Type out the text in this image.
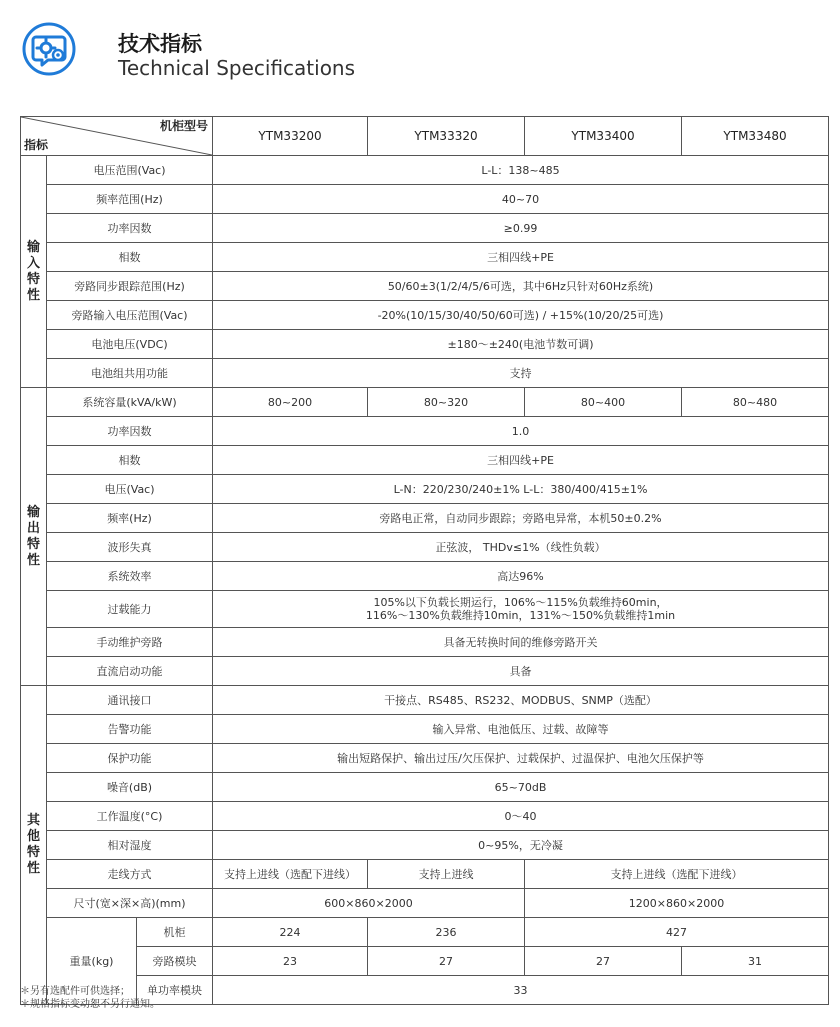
技术指标
Technical Specifications
机柜型号
指标			YTM33200	YTM33320	YTM33400	YTM33480
输
入
特
性	电压范围(Vac)		L-L：138~485			
	频率范围(Hz)		40~70			
	功率因数		≥0.99			
	相数		三相四线+PE			
	旁路同步跟踪范围(Hz)		50/60±3(1/2/4/5/6可选，其中6Hz只针对60Hz系统)			
	旁路输入电压范围(Vac)		-20%(10/15/30/40/50/60可选) / +15%(10/20/25可选)			
	电池电压(VDC)		±180～±240(电池节数可调)			
	电池组共用功能		支持			
输
出
特
性	系统容量(kVA/kW)		80~200	80~320	80~400	80~480
	功率因数		1.0			
	相数		三相四线+PE			
	电压(Vac)		L-N：220/230/240±1% L-L：380/400/415±1%			
	频率(Hz)		旁路电正常，自动同步跟踪；旁路电异常，本机50±0.2%			
	波形失真		正弦波， THDv≤1%（线性负载）			
	系统效率		高达96%			
	过载能力		105%以下负载长期运行，106%～115%负载维持60min，
116%～130%负载维持10min，131%～150%负载维持1min			

	手动维护旁路		具备无转换时间的维修旁路开关			
	直流启动功能		具备			
其
他
特
性	通讯接口		干接点、RS485、RS232、MODBUS、SNMP（选配）			
	告警功能		输入异常、电池低压、过载、故障等			
	保护功能		输出短路保护、输出过压/欠压保护、过载保护、过温保护、电池欠压保护等			
	噪音(dB)		65~70dB			
	工作温度(°C)		0～40			
	相对湿度		0~95%，无冷凝			
	走线方式		支持上进线（选配下进线）	支持上进线	支持上进线（选配下进线）	
	尺寸(宽×深×高)(mm)		600×860×2000		1200×860×2000	
	重量(kg)	机柜	224	236	427	
		旁路模块	23	27	27	31
		单功率模块	33			
＊另有选配件可供选择；
＊规格指标变动恕不另行通知。
